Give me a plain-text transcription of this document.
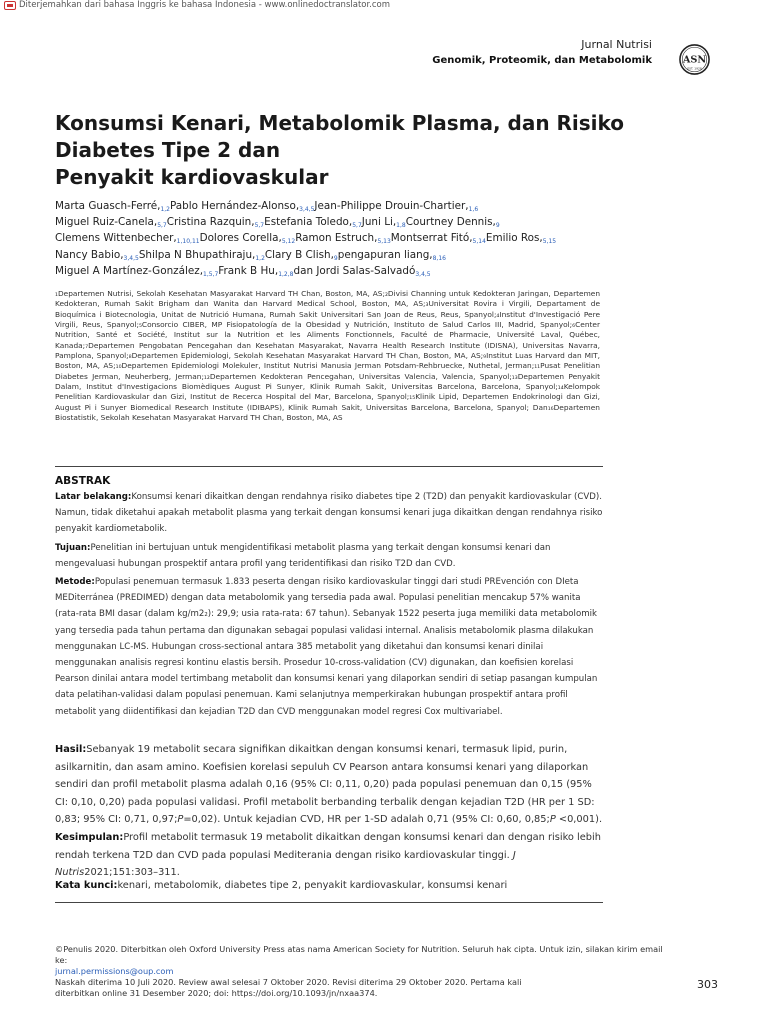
Diterjemahkan dari bahasa Inggris ke bahasa Indonesia - www.onlinedoctranslator.com
Jurnal Nutrisi
Genomik, Proteomik, dan Metabolomik	ASN
EST. 1928
Konsumsi Kenari, Metabolomik Plasma, dan Risiko
Diabetes Tipe 2 dan
Penyakit kardiovaskular
Marta Guasch-Ferré,$^{1,2}$Pablo Hernández-Alonso,$^{3,4,5}$Jean-Philippe Drouin-Chartier,$^{1,6}$
Miguel Ruiz-Canela,$^{5,7}$Cristina Razquin,$^{5,7}$Estefania Toledo,$^{5,7}$Juni Li,$^{1,8}$Courtney Dennis,$^9$
Clemens Wittenbecher,$^{1,10,11}$Dolores Corella,$^{5,12}$Ramon Estruch,$^{5,13}$Montserrat Fitó,$^{5,14}$Emilio Ros,$^{5,15}$
Nancy Babio,$^{3,4,5}$Shilpa N Bhupathiraju,$^{1,2}$Clary B Clish,$^9$pengapuran liang,$^{8,16}$
Miguel A Martínez-González,$^{1,5,7}$Frank B Hu,$^{1,2,8}$dan Jordi Salas-Salvadó$^{3,4,5}$
₁Departemen Nutrisi, Sekolah Kesehatan Masyarakat Harvard TH Chan, Boston, MA, AS;₂Divisi Channing untuk Kedokteran Jaringan, Departemen Kedokteran, Rumah Sakit Brigham dan Wanita dan Harvard Medical School, Boston, MA, AS;₃Universitat Rovira i Virgili, Departament de Bioquímica i Biotecnologia, Unitat de Nutrició Humana, Rumah Sakit Universitari San Joan de Reus, Reus, Spanyol;₄Institut d'Investigació Pere Virgili, Reus, Spanyol;₅Consorcio CIBER, MP Fisiopatología de la Obesidad y Nutrición, Instituto de Salud Carlos III, Madrid, Spanyol;₆Center Nutrition, Santé et Société, Institut sur la Nutrition et les Aliments Fonctionnels, Faculté de Pharmacie, Université Laval, Québec, Kanada;₇Departemen Pengobatan Pencegahan dan Kesehatan Masyarakat, Navarra Health Research Institute (IDISNA), Universitas Navarra, Pamplona, Spanyol;₈Departemen Epidemiologi, Sekolah Kesehatan Masyarakat Harvard TH Chan, Boston, MA, AS;₉Institut Luas Harvard dan MIT, Boston, MA, AS;₁₀Departemen Epidemiologi Molekuler, Institut Nutrisi Manusia Jerman Potsdam-Rehbruecke, Nuthetal, Jerman;₁₁Pusat Penelitian Diabetes Jerman, Neuherberg, Jerman;₁₂Departemen Kedokteran Pencegahan, Universitas Valencia, Valencia, Spanyol;₁₃Departemen Penyakit Dalam, Institut d'Investigacions Biomèdiques August Pi Sunyer, Klinik Rumah Sakit, Universitas Barcelona, Barcelona, Spanyol;₁₄Kelompok Penelitian Kardiovaskular dan Gizi, Institut de Recerca Hospital del Mar, Barcelona, Spanyol;₁₅Klinik Lipid, Departemen Endokrinologi dan Gizi, August Pi i Sunyer Biomedical Research Institute (IDIBAPS), Klinik Rumah Sakit, Universitas Barcelona, Barcelona, Spanyol; Dan₁₆Departemen Biostatistik, Sekolah Kesehatan Masyarakat Harvard TH Chan, Boston, MA, AS
ABSTRAK

Latar belakang:Konsumsi kenari dikaitkan dengan rendahnya risiko diabetes tipe 2 (T2D) dan penyakit kardiovaskular (CVD). Namun, tidak diketahui apakah metabolit plasma yang terkait dengan konsumsi kenari juga dikaitkan dengan rendahnya risiko penyakit kardiometabolik.

Tujuan:Penelitian ini bertujuan untuk mengidentifikasi metabolit plasma yang terkait dengan konsumsi kenari dan mengevaluasi hubungan prospektif antara profil yang teridentifikasi dan risiko T2D dan CVD.

Metode:Populasi penemuan termasuk 1.833 peserta dengan risiko kardiovaskular tinggi dari studi PREvención con DIeta MEDiterránea (PREDIMED) dengan data metabolomik yang tersedia pada awal. Populasi penelitian mencakup 57% wanita (rata-rata BMI dasar (dalam kg/m2₂): 29,9; usia rata-rata: 67 tahun). Sebanyak 1522 peserta juga memiliki data metabolomik yang tersedia pada tahun pertama dan digunakan sebagai populasi validasi internal. Analisis metabolomik plasma dilakukan menggunakan LC-MS. Hubungan cross-sectional antara 385 metabolit yang diketahui dan konsumsi kenari dinilai menggunakan analisis regresi kontinu elastis bersih. Prosedur 10-cross-validation (CV) digunakan, dan koefisien korelasi Pearson dinilai antara model tertimbang metabolit dan konsumsi kenari yang dilaporkan sendiri di setiap pasangan kumpulan data pelatihan-validasi dalam populasi penemuan. Kami selanjutnya memperkirakan hubungan prospektif antara profil metabolit yang diidentifikasi dan kejadian T2D dan CVD menggunakan model regresi Cox multivariabel.

Hasil:Sebanyak 19 metabolit secara signifikan dikaitkan dengan konsumsi kenari, termasuk lipid, purin, asilkarnitin, dan asam amino. Koefisien korelasi sepuluh CV Pearson antara konsumsi kenari yang dilaporkan sendiri dan profil metabolit plasma adalah 0,16 (95% CI: 0,11, 0,20) pada populasi penemuan dan 0,15 (95% CI: 0,10, 0,20) pada populasi validasi. Profil metabolit berbanding terbalik dengan kejadian T2D (HR per 1 SD: 0,83; 95% CI: 0,71, 0,97;P=0,02). Untuk kejadian CVD, HR per 1-SD adalah 0,71 (95% CI: 0,60, 0,85;P <0,001). Kesimpulan:Profil metabolit termasuk 19 metabolit dikaitkan dengan konsumsi kenari dan dengan risiko lebih rendah terkena T2D dan CVD pada populasi Mediterania dengan risiko kardiovaskular tinggi. J Nutris2021;151:303–311.
Kata kunci:kenari, metabolomik, diabetes tipe 2, penyakit kardiovaskular, konsumsi kenari
©Penulis 2020. Diterbitkan oleh Oxford University Press atas nama American Society for Nutrition. Seluruh hak cipta. Untuk izin, silakan kirim email ke:
jurnal.permissions@oup.com
Naskah diterima 10 Juli 2020. Review awal selesai 7 Oktober 2020. Revisi diterima 29 Oktober 2020. Pertama kali
diterbitkan online 31 Desember 2020; doi: https://doi.org/10.1093/jn/nxaa374.
303
